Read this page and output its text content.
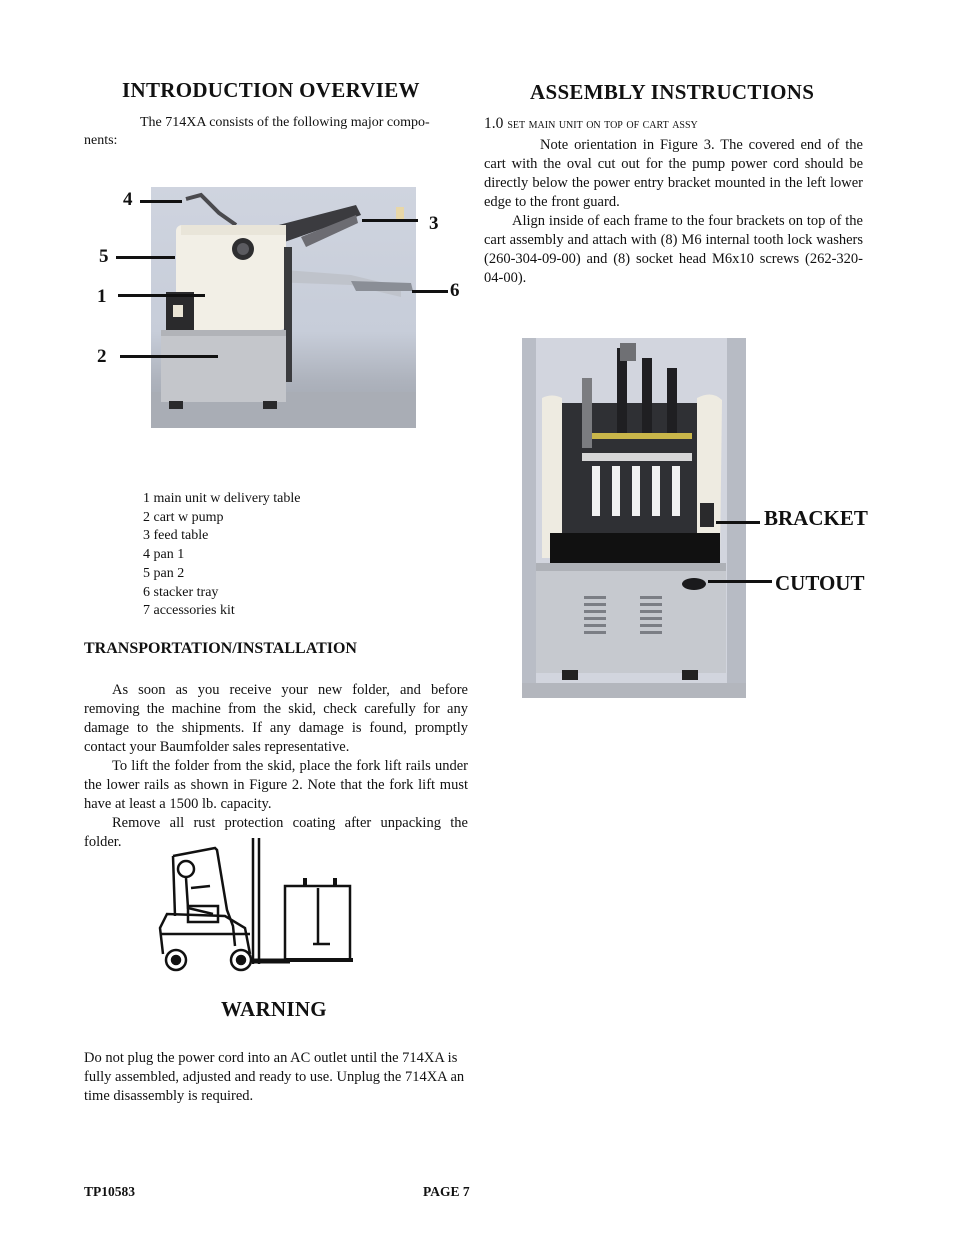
INTRODUCTION OVERVIEW
The 714XA consists of the following major compo-
nents:
4
5
1
2
3
6
1 main unit w delivery table
2 cart w pump
3 feed table
4 pan 1
5 pan 2
6 stacker tray
7 accessories kit
TRANSPORTATION/INSTALLATION
As soon as you receive your new folder, and before removing the machine from the skid, check carefully for any damage to the shipments. If any damage is found, promptly contact your Baumfolder sales representative.
To lift the folder from the skid, place the fork lift rails under the lower rails as shown in Figure 2. Note that the fork lift must have at least a 1500 lb. capacity.
Remove all rust protection coating after unpacking the folder.
WARNING
Do not plug the power cord into an AC outlet until the 714XA is fully assembled, adjusted and ready to use. Unplug the 714XA an time disassembly is required.
ASSEMBLY INSTRUCTIONS
1.0 set main unit on top of cart assy
Note orientation in Figure 3. The covered end of the cart with the oval cut out for the pump power cord should be directly below the power entry bracket mounted in the left lower edge to the front guard.
Align inside of each frame to the four brackets on top of the cart assembly and attach with (8) M6 internal tooth lock washers (260-304-09-00) and (8) socket head M6x10 screws (262-320-04-00).
BRACKET
CUTOUT
TP10583	PAGE 7
